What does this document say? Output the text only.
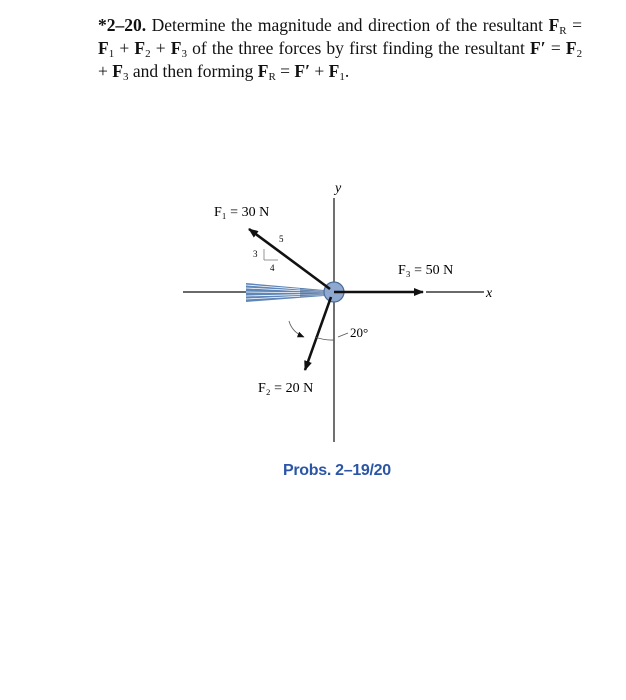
*2–20. Determine the magnitude and direction of the resultant $F_R = F_1 + F_2 + F_3$ of the three forces by first finding the resultant $F' = F_2 + F_3$ and then forming $F_R = F' + F_1$.
y
x
5
3
4
20°
F₁ = 30 N
F₃ = 50 N
F₂ = 20 N
Probs. 2–19/20
